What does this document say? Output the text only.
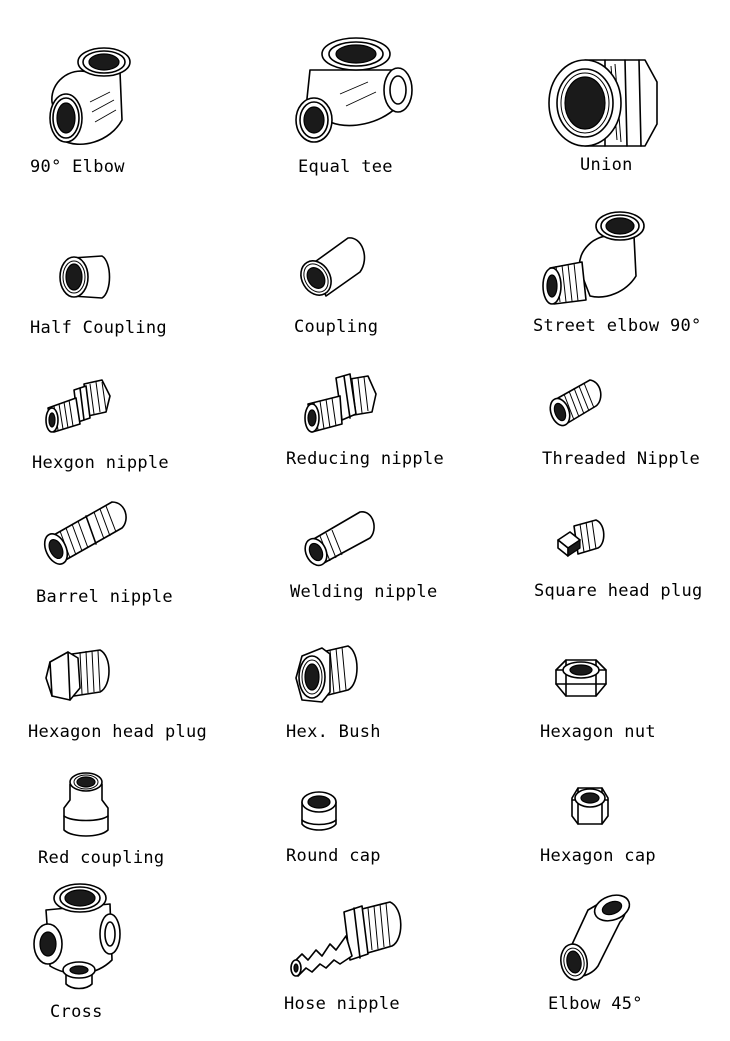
90° Elbow	Equal tee	Union
Half Coupling	Coupling	Street elbow 90°
Hexgon nipple	Reducing nipple	Threaded Nipple
Barrel nipple	Welding nipple	Square head plug
Hexagon head plug	Hex. Bush	Hexagon nut
Red coupling	Round cap	Hexagon cap
Cross	Hose nipple	Elbow 45°
